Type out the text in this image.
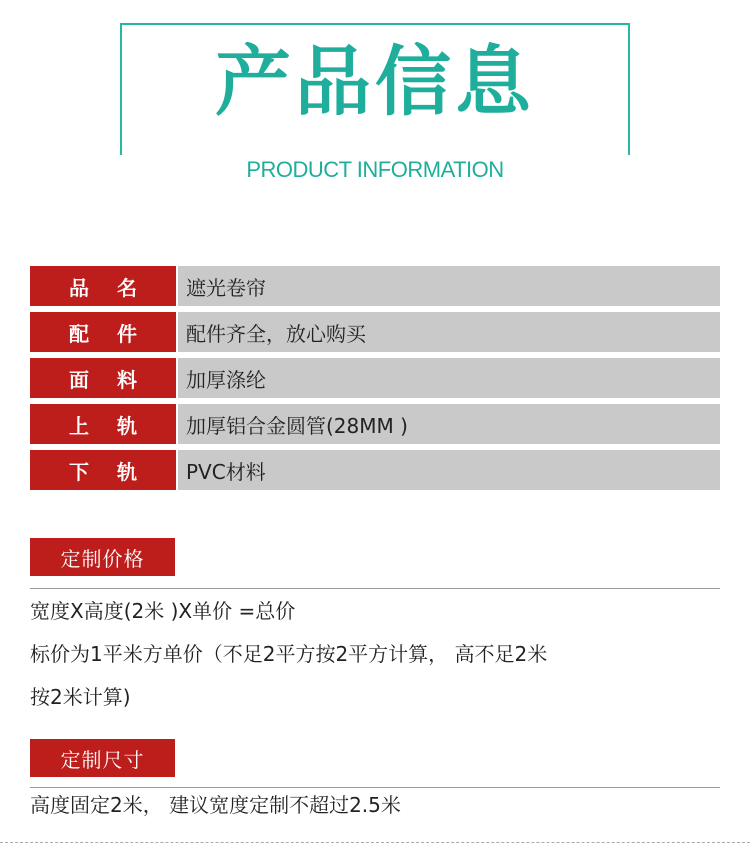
产品信息
PRODUCT INFORMATION
品名	遮光卷帘
配件	配件齐全，放心购买
面料	加厚涤纶
上轨	加厚铝合金圆管(28MM )
下轨	PVC材料
定制价格
宽度X高度(2米 )X单价 =总价
标价为1平米方单价（不足2平方按2平方计算， 高不足2米
按2米计算)
定制尺寸
高度固定2米， 建议宽度定制不超过2.5米
